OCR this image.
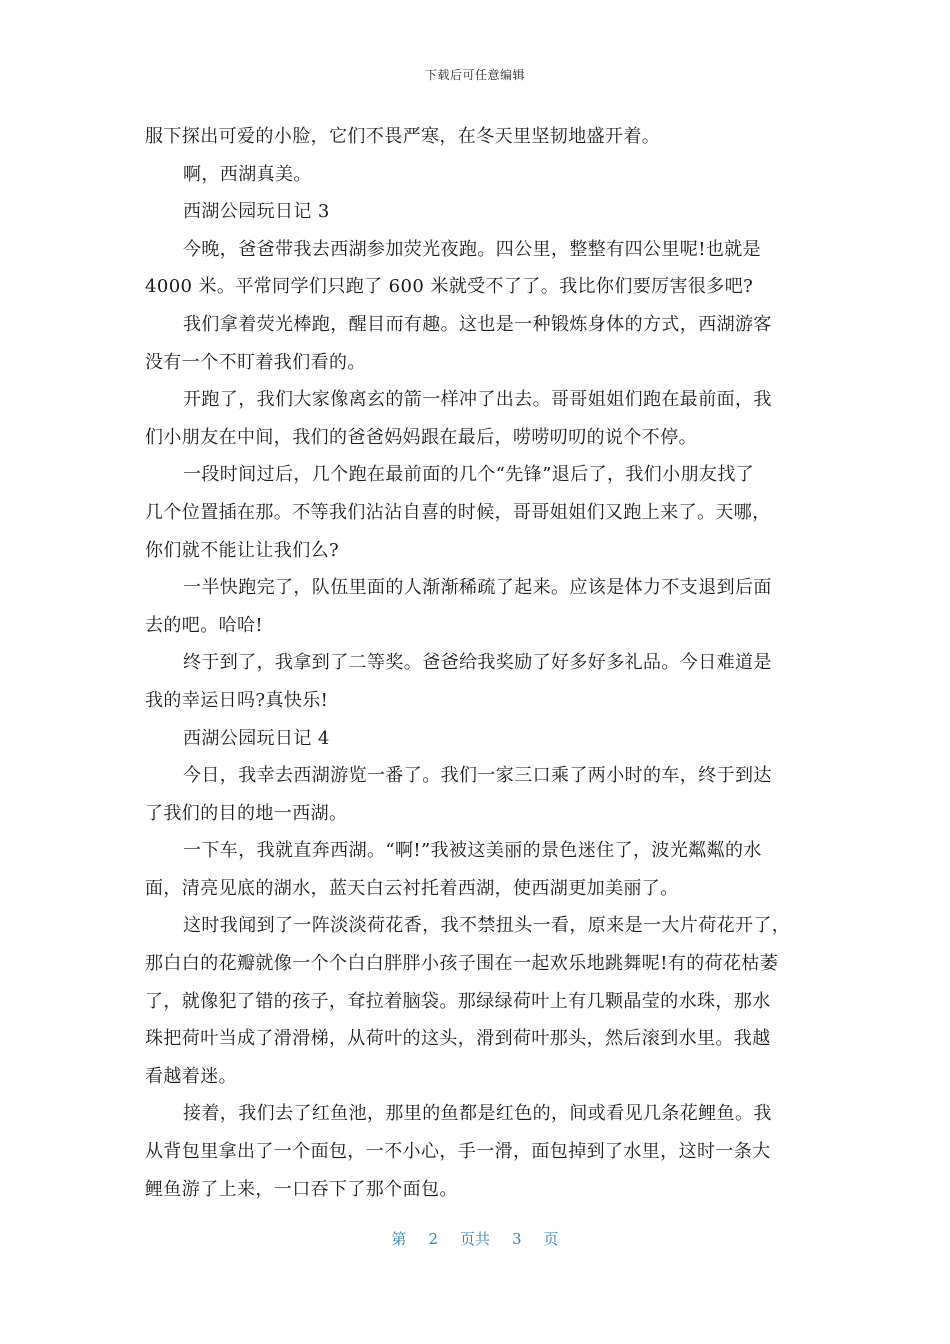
下载后可任意编辑
服下探出可爱的小脸，它们不畏严寒，在冬天里坚韧地盛开着。
啊，西湖真美。
西湖公园玩日记 3
今晚，爸爸带我去西湖参加荧光夜跑。四公里，整整有四公里呢!也就是
4000 米。平常同学们只跑了 600 米就受不了了。我比你们要厉害很多吧?
我们拿着荧光棒跑，醒目而有趣。这也是一种锻炼身体的方式，西湖游客
没有一个不盯着我们看的。
开跑了，我们大家像离玄的箭一样冲了出去。哥哥姐姐们跑在最前面，我
们小朋友在中间，我们的爸爸妈妈跟在最后，唠唠叨叨的说个不停。
一段时间过后，几个跑在最前面的几个“先锋”退后了，我们小朋友找了
几个位置插在那。不等我们沾沾自喜的时候，哥哥姐姐们又跑上来了。天哪，
你们就不能让让我们么?
一半快跑完了，队伍里面的人渐渐稀疏了起来。应该是体力不支退到后面
去的吧。哈哈!
终于到了，我拿到了二等奖。爸爸给我奖励了好多好多礼品。今日难道是
我的幸运日吗?真快乐!
西湖公园玩日记 4
今日，我幸去西湖游览一番了。我们一家三口乘了两小时的车，终于到达
了我们的目的地一西湖。
一下车，我就直奔西湖。“啊!”我被这美丽的景色迷住了，波光粼粼的水
面，清亮见底的湖水，蓝天白云衬托着西湖，使西湖更加美丽了。
这时我闻到了一阵淡淡荷花香，我不禁扭头一看，原来是一大片荷花开了，
那白白的花瓣就像一个个白白胖胖小孩子围在一起欢乐地跳舞呢!有的荷花枯萎
了，就像犯了错的孩子，耷拉着脑袋。那绿绿荷叶上有几颗晶莹的水珠，那水
珠把荷叶当成了滑滑梯，从荷叶的这头，滑到荷叶那头，然后滚到水里。我越
看越着迷。
接着，我们去了红鱼池，那里的鱼都是红色的，间或看见几条花鲤鱼。我
从背包里拿出了一个面包，一不小心，手一滑，面包掉到了水里，这时一条大
鲤鱼游了上来，一口吞下了那个面包。
第 2 页共 3 页
